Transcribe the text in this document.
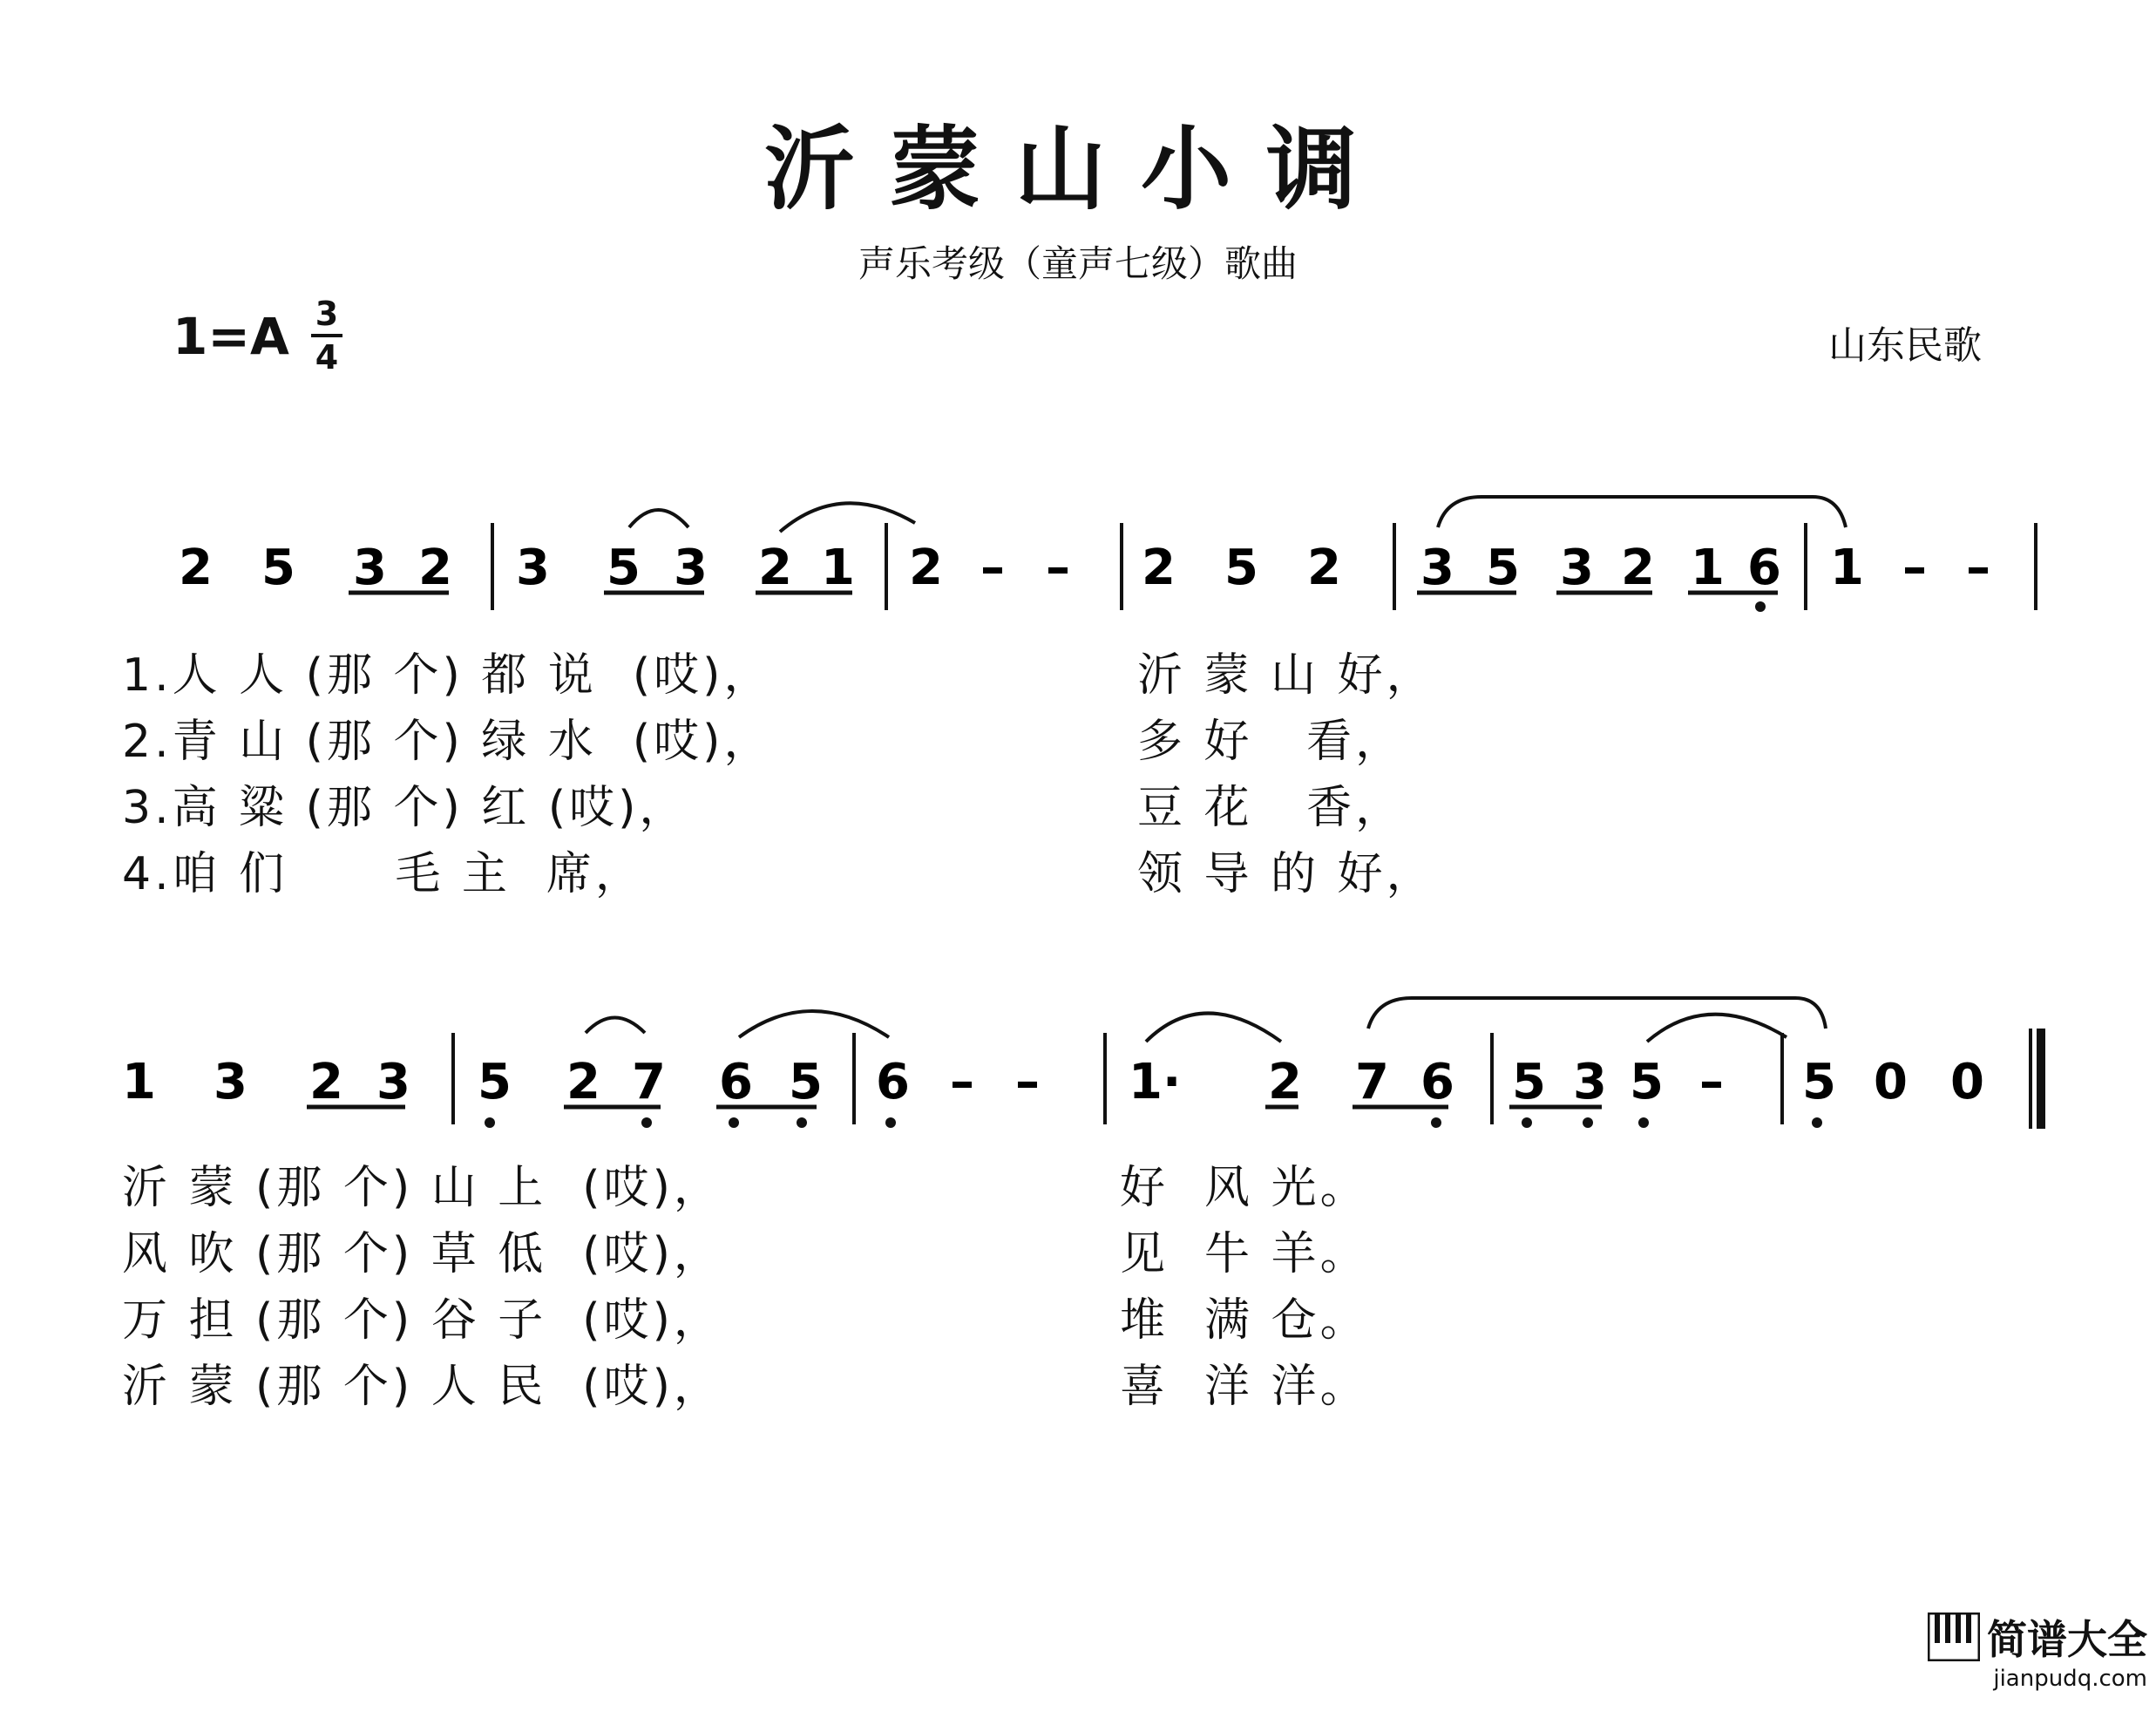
沂蒙山小调
声乐考级（童声七级）歌曲
1=A 3
4	山东民歌
2 5 3 2 3 5 3 2 1 2 – – 2 5 2 3 5 3 2 1 6 1 – –
1 3 2 3 5 2 7 6 5 6 – – 1· 2 7 6 5 3 5 – 5 0 0
1.人 人 (那 个) 都 说  (哎)，
2.青 山 (那 个) 绿 水  (哎)，
3.高 粱 (那 个) 红 (哎)，
4.咱 们      毛 主  席，
沂 蒙 山 好，
多 好   看，
豆 花   香，
领 导 的 好，
沂 蒙 (那 个) 山 上  (哎)，
风 吹 (那 个) 草 低  (哎)，
万 担 (那 个) 谷 子  (哎)，
沂 蒙 (那 个) 人 民  (哎)，
好  风 光。
见  牛 羊。
堆  满 仓。
喜  洋 洋。
简谱大全
jianpudq.com
